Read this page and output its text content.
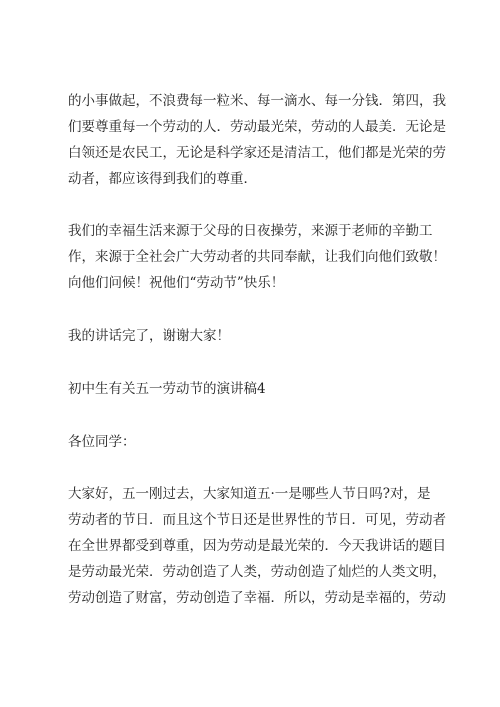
的小事做起，不浪费每一粒米、每一滴水、每一分钱．第四，我
们要尊重每一个劳动的人．劳动最光荣，劳动的人最美．无论是
白领还是农民工，无论是科学家还是清洁工，他们都是光荣的劳
动者，都应该得到我们的尊重．
我们的幸福生活来源于父母的日夜操劳，来源于老师的辛勤工
作，来源于全社会广大劳动者的共同奉献，让我们向他们致敬！
向他们问候！祝他们“劳动节”快乐！
我的讲话完了，谢谢大家！
初中生有关五一劳动节的演讲稿4
各位同学：
大家好，五一刚过去，大家知道五·一是哪些人节日吗?对，是
劳动者的节日．而且这个节日还是世界性的节日．可见，劳动者
在全世界都受到尊重，因为劳动是最光荣的．今天我讲话的题目
是劳动最光荣．劳动创造了人类，劳动创造了灿烂的人类文明，
劳动创造了财富，劳动创造了幸福．所以，劳动是幸福的，劳动
